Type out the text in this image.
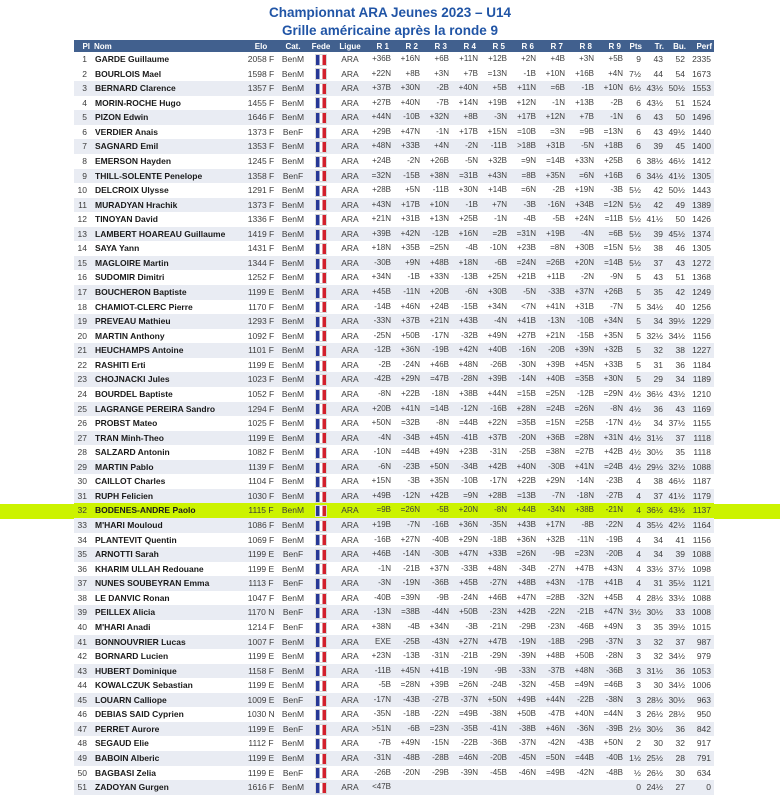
Championnat ARA Jeunes 2023 – U14
Grille américaine après la ronde 9
Pl	Nom	Elo	Cat.	Fede	Ligue	R 1	R 2	R 3	R 4	R 5	R 6	R 7	R 8	R 9	Pts	Tr.	Bu.	Perf
1	GARDE Guillaume	2058 F	BenM		ARA	+36B	+16N	+6B	+11N	+12B	+2N	+4B	+3N	+5B	9	43	52	2335
2	BOURLOIS Mael	1598 F	BenM		ARA	+22N	+8B	+3N	+7B	=13N	-1B	+10N	+16B	+4N	7½	44	54	1673
3	BERNARD Clarence	1357 F	BenM		ARA	+37B	+30N	-2B	+40N	+5B	+11N	=6B	-1B	+10N	6½	43½	50½	1553
4	MORIN-ROCHE Hugo	1455 F	BenM		ARA	+27B	+40N	-7B	+14N	+19B	+12N	-1N	+13B	-2B	6	43½	51	1524
5	PIZON Edwin	1646 F	BenM		ARA	+44N	-10B	+32N	+8B	-3N	+17B	+12N	+7B	-1N	6	43	50	1496
6	VERDIER Anais	1373 F	BenF		ARA	+29B	+47N	-1N	+17B	+15N	=10B	=3N	=9B	=13N	6	43	49½	1440
7	SAGNARD Emil	1353 F	BenM		ARA	+48N	+33B	+4N	-2N	-11B	>18B	+31B	-5N	+18B	6	39	45	1400
8	EMERSON Hayden	1245 F	BenM		ARA	+24B	-2N	+26B	-5N	+32B	=9N	=14B	+33N	+25B	6	38½	46½	1412
9	THILL-SOLENTE Penelope	1358 F	BenF		ARA	=32N	-15B	+38N	=31B	+43N	=8B	+35N	=6N	+16B	6	34½	41½	1305
10	DELCROIX Ulysse	1291 F	BenM		ARA	+28B	+5N	-11B	+30N	+14B	=6N	-2B	+19N	-3B	5½	42	50½	1443
11	MURADYAN Hrachik	1373 F	BenM		ARA	+43N	+17B	+10N	-1B	+7N	-3B	-16N	+34B	=12N	5½	42	49	1389
12	TINOYAN David	1336 F	BenM		ARA	+21N	+31B	+13N	+25B	-1N	-4B	-5B	+24N	=11B	5½	41½	50	1426
13	LAMBERT HOAREAU Guillaume	1419 F	BenM		ARA	+39B	+42N	-12B	+16N	=2B	=31N	+19B	-4N	=6B	5½	39	45½	1374
14	SAYA Yann	1431 F	BenM		ARA	+18N	+35B	=25N	-4B	-10N	+23B	=8N	+30B	=15N	5½	38	46	1305
15	MAGLOIRE Martin	1344 F	BenM		ARA	-30B	+9N	+48B	+18N	-6B	=24N	=26B	+20N	=14B	5½	37	43	1272
16	SUDOMIR Dimitri	1252 F	BenM		ARA	+34N	-1B	+33N	-13B	+25N	+21B	+11B	-2N	-9N	5	43	51	1368
17	BOUCHERON Baptiste	1199 E	BenM		ARA	+45B	-11N	+20B	-6N	+30B	-5N	-33B	+37N	+26B	5	35	42	1249
18	CHAMIOT-CLERC Pierre	1170 F	BenM		ARA	-14B	+46N	+24B	-15B	+34N	<7N	+41N	+31B	-7N	5	34½	40	1256
19	PREVEAU Mathieu	1293 F	BenM		ARA	-33N	+37B	+21N	+43B	-4N	+41B	-13N	-10B	+34N	5	34	39½	1229
20	MARTIN Anthony	1092 F	BenM		ARA	-25N	+50B	-17N	-32B	+49N	+27B	+21N	-15B	+35N	5	32½	34½	1156
21	HEUCHAMPS Antoine	1101 F	BenM		ARA	-12B	+36N	-19B	+42N	+40B	-16N	-20B	+39N	+32B	5	32	38	1227
22	RASHITI Erti	1199 E	BenM		ARA	-2B	-24N	+46B	+48N	-26B	-30N	+39B	+45N	+33B	5	31	36	1184
23	CHOJNACKI Jules	1023 F	BenM		ARA	-42B	+29N	=47B	-28N	+39B	-14N	+40B	=35B	+30N	5	29	34	1189
24	BOURDEL Baptiste	1052 F	BenM		ARA	-8N	+22B	-18N	+38B	+44N	=15B	=25N	-12B	=29N	4½	36½	43½	1210
25	LAGRANGE PEREIRA Sandro	1294 F	BenM		ARA	+20B	+41N	=14B	-12N	-16B	+28N	=24B	=26N	-8N	4½	36	43	1169
26	PROBST Mateo	1025 F	BenM		ARA	+50N	=32B	-8N	=44B	+22N	=35B	=15N	=25B	-17N	4½	34	37½	1155
27	TRAN Minh-Theo	1199 E	BenM		ARA	-4N	-34B	+45N	-41B	+37B	-20N	+36B	=28N	+31N	4½	31½	37	1118
28	SALZARD Antonin	1082 F	BenM		ARA	-10N	=44B	+49N	+23B	-31N	-25B	=38N	=27B	+42B	4½	30½	35	1118
29	MARTIN Pablo	1139 F	BenM		ARA	-6N	-23B	+50N	-34B	+42B	+40N	-30B	+41N	=24B	4½	29½	32½	1088
30	CAILLOT Charles	1104 F	BenM		ARA	+15N	-3B	+35N	-10B	-17N	+22B	+29N	-14N	-23B	4	38	46½	1187
31	RUPH Felicien	1030 F	BenM		ARA	+49B	-12N	+42B	=9N	+28B	=13B	-7N	-18N	-27B	4	37	41½	1179
32	BODENES-ANDRE Paolo	1115 F	BenM		ARA	=9B	=26N	-5B	+20N	-8N	+44B	-34N	+38B	-21N	4	36½	43½	1137
33	M'HARI Mouloud	1086 F	BenM		ARA	+19B	-7N	-16B	+36N	-35N	+43B	+17N	-8B	-22N	4	35½	42½	1164
34	PLANTEVIT Quentin	1069 F	BenM		ARA	-16B	+27N	-40B	+29N	-18B	+36N	+32B	-11N	-19B	4	34	41	1156
35	ARNOTTI Sarah	1199 E	BenF		ARA	+46B	-14N	-30B	+47N	+33B	=26N	-9B	=23N	-20B	4	34	39	1088
36	KHARIM ULLAH Redouane	1199 E	BenM		ARA	-1N	-21B	+37N	-33B	+48N	-34B	-27N	+47B	+43N	4	33½	37½	1098
37	NUNES SOUBEYRAN Emma	1113 F	BenF		ARA	-3N	-19N	-36B	+45B	-27N	+48B	+43N	-17B	+41B	4	31	35½	1121
38	LE DANVIC Ronan	1047 F	BenM		ARA	-40B	=39N	-9B	-24N	+46B	+47N	=28B	-32N	+45B	4	28½	33½	1088
39	PEILLEX Alicia	1170 N	BenF		ARA	-13N	=38B	-44N	+50B	-23N	+42B	-22N	-21B	+47N	3½	30½	33	1008
40	M'HARI Anadi	1214 F	BenF		ARA	+38N	-4B	+34N	-3B	-21N	-29B	-23N	-46B	+49N	3	35	39½	1015
41	BONNOUVRIER Lucas	1007 F	BenM		ARA	EXE	-25B	-43N	+27N	+47B	-19N	-18B	-29B	-37N	3	32	37	987
42	BORNARD Lucien	1199 E	BenM		ARA	+23N	-13B	-31N	-21B	-29N	-39N	+48B	+50B	-28N	3	32	34½	979
43	HUBERT Dominique	1158 F	BenM		ARA	-11B	+45N	+41B	-19N	-9B	-33N	-37B	+48N	-36B	3	31½	36	1053
44	KOWALCZUK Sebastian	1199 E	BenM		ARA	-5B	=28N	+39B	=26N	-24B	-32N	-45B	=49N	=46B	3	30	34½	1006
45	LOUARN Calliope	1009 E	BenF		ARA	-17N	-43B	-27B	-37N	+50N	+49B	+44N	-22B	-38N	3	28½	30½	963
46	DEBIAS SAID Cyprien	1030 N	BenM		ARA	-35N	-18B	-22N	=49B	-38N	+50B	-47B	+40N	=44N	3	26½	28½	950
47	PERRET Aurore	1199 E	BenF		ARA	>51N	-6B	=23N	-35B	-41N	-38B	+46N	-36N	-39B	2½	30½	36	842
48	SEGAUD Elie	1112 F	BenM		ARA	-7B	+49N	-15N	-22B	-36B	-37N	-42N	-43B	+50N	2	30	32	917
49	BABOIN Alberic	1199 E	BenM		ARA	-31N	-48B	-28B	=46N	-20B	-45N	=50N	=44B	-40B	1½	25½	28	791
50	BAGBASI Zelia	1199 E	BenF		ARA	-26B	-20N	-29B	-39N	-45B	-46N	=49B	-42N	-48B	½	26½	30	634
51	ZADOYAN Gurgen	1616 F	BenM		ARA	<47B									0	24½	27	0
